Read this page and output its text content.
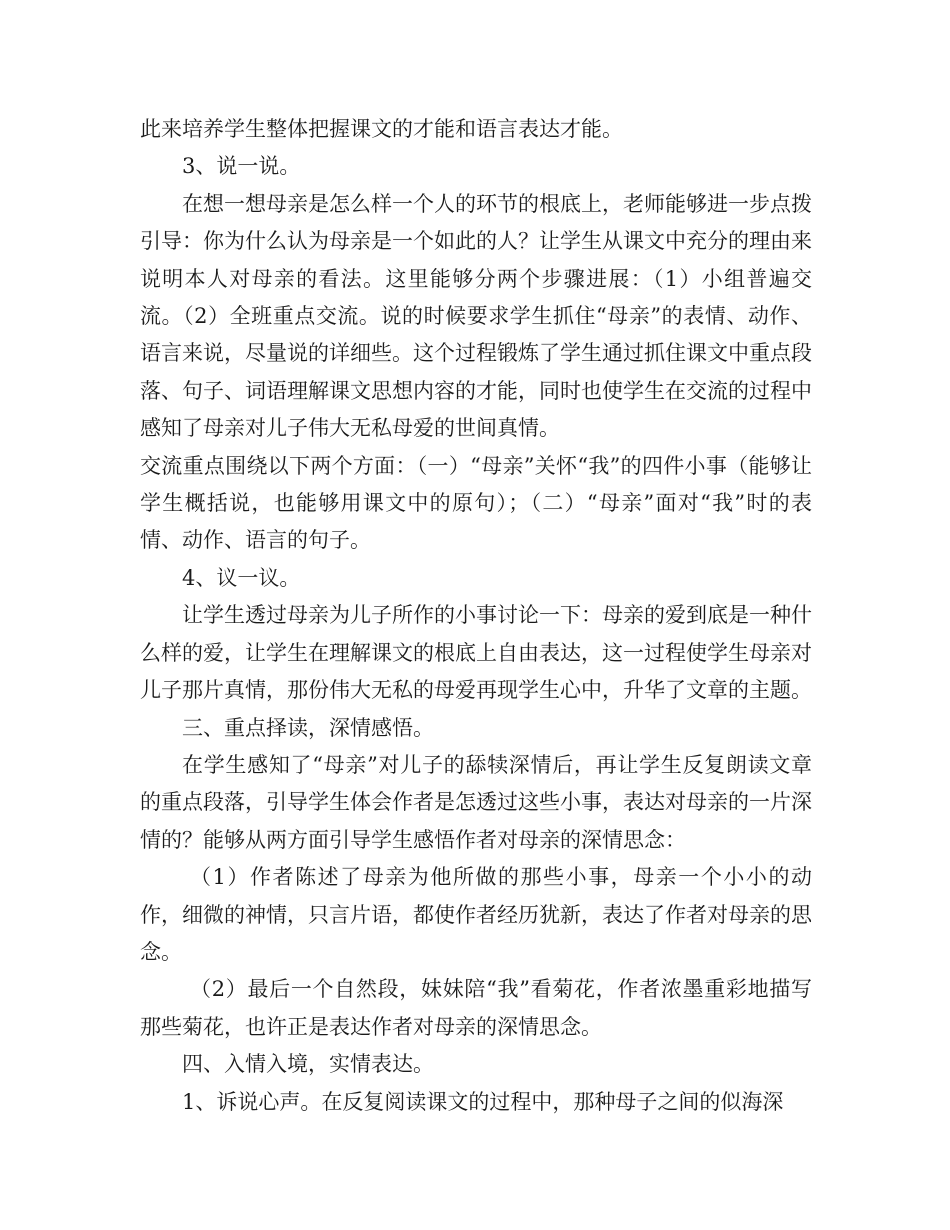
此来培养学生整体把握课文的才能和语言表达才能。

3、说一说。

在想一想母亲是怎么样一个人的环节的根底上，老师能够进一步点拨引导：你为什么认为母亲是一个如此的人？让学生从课文中充分的理由来说明本人对母亲的看法。这里能够分两个步骤进展：（1）小组普遍交流。（2）全班重点交流。说的时候要求学生抓住“母亲”的表情、动作、语言来说，尽量说的详细些。这个过程锻炼了学生通过抓住课文中重点段落、句子、词语理解课文思想内容的才能，同时也使学生在交流的过程中感知了母亲对儿子伟大无私母爱的世间真情。

交流重点围绕以下两个方面：（一）“母亲”关怀“我”的四件小事（能够让学生概括说，也能够用课文中的原句）；（二）“母亲”面对“我”时的表情、动作、语言的句子。

4、议一议。

让学生透过母亲为儿子所作的小事讨论一下：母亲的爱到底是一种什么样的爱，让学生在理解课文的根底上自由表达，这一过程使学生母亲对儿子那片真情，那份伟大无私的母爱再现学生心中，升华了文章的主题。

三、重点择读，深情感悟。

在学生感知了“母亲”对儿子的舔犊深情后，再让学生反复朗读文章的重点段落，引导学生体会作者是怎透过这些小事，表达对母亲的一片深情的？能够从两方面引导学生感悟作者对母亲的深情思念：

（1）作者陈述了母亲为他所做的那些小事，母亲一个小小的动作，细微的神情，只言片语，都使作者经历犹新，表达了作者对母亲的思念。

（2）最后一个自然段，妹妹陪“我”看菊花，作者浓墨重彩地描写那些菊花，也许正是表达作者对母亲的深情思念。

四、入情入境，实情表达。

1、诉说心声。在反复阅读课文的过程中，那种母子之间的似海深
